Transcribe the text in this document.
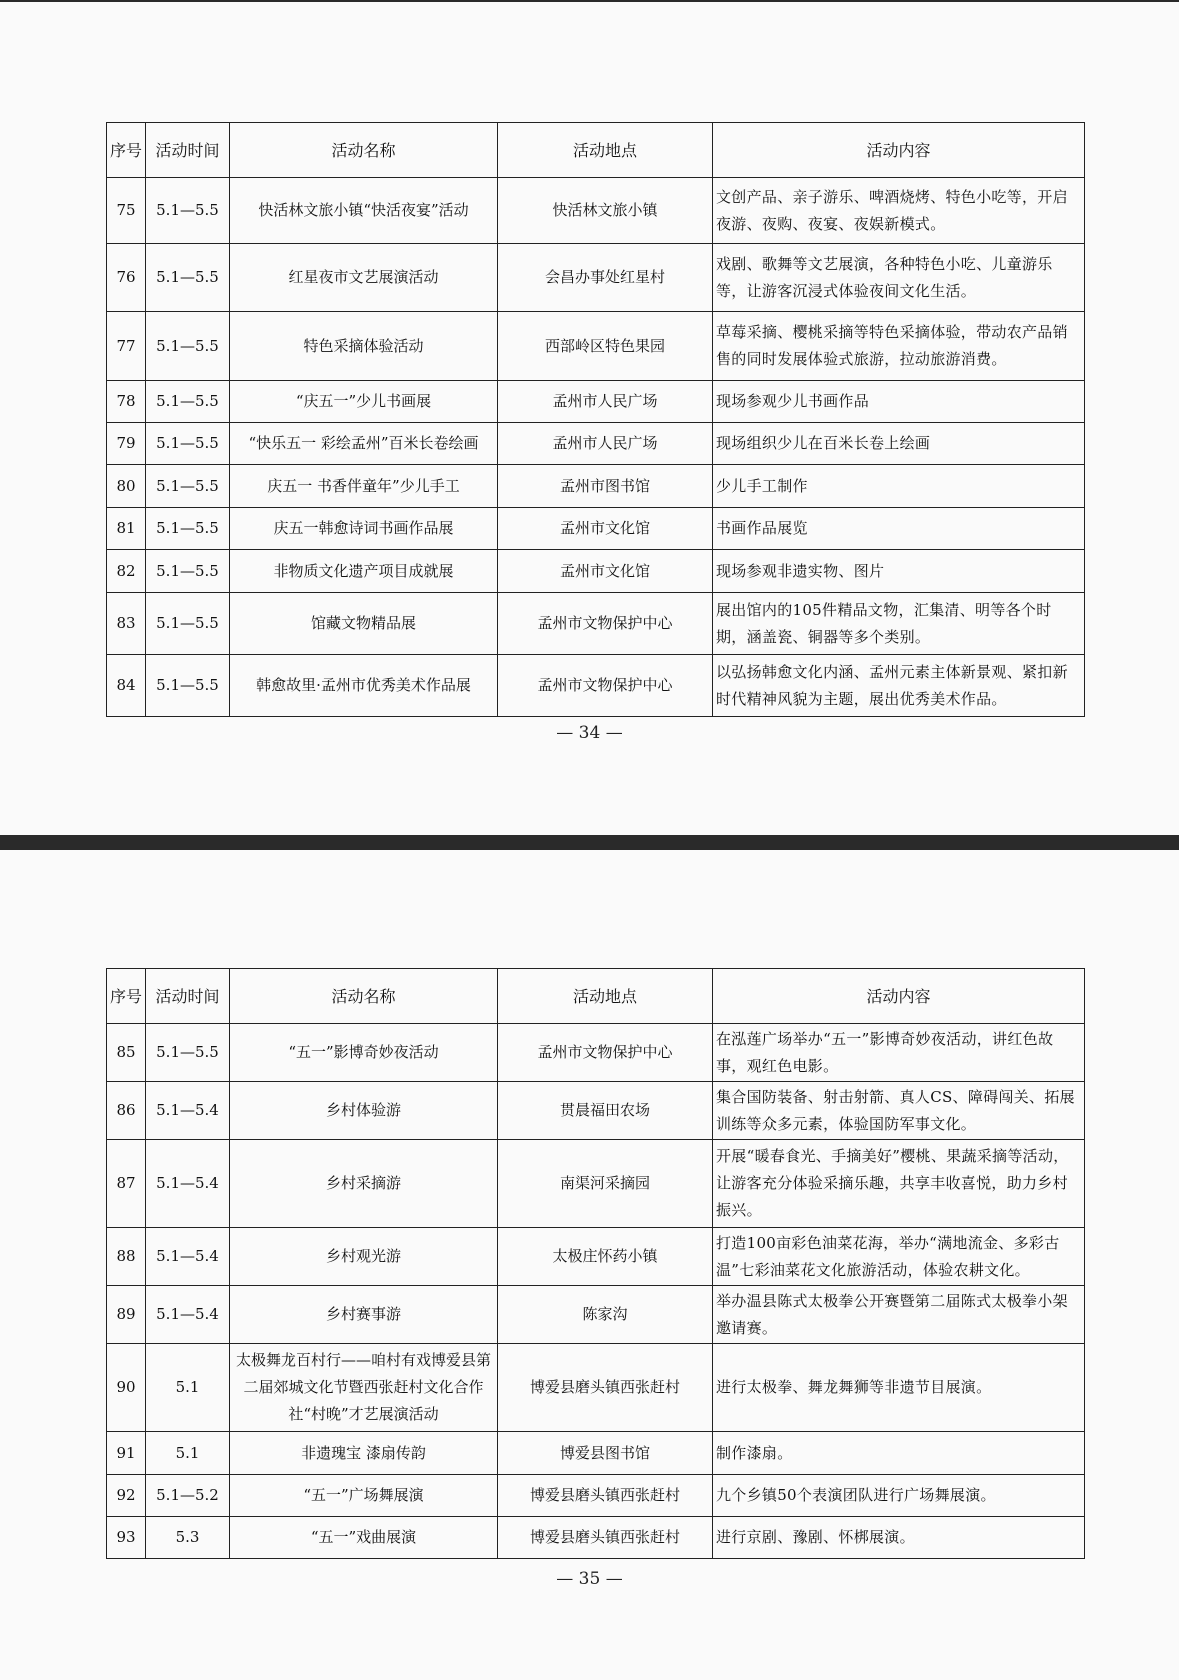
序号	活动时间	活动名称	活动地点	活动内容
75	5.1—5.5	快活林文旅小镇“快活夜宴”活动	快活林文旅小镇	文创产品、亲子游乐、啤酒烧烤、特色小吃等，开启夜游、夜购、夜宴、夜娱新模式。
76	5.1—5.5	红星夜市文艺展演活动	会昌办事处红星村	戏剧、歌舞等文艺展演，各种特色小吃、儿童游乐等，让游客沉浸式体验夜间文化生活。
77	5.1—5.5	特色采摘体验活动	西部岭区特色果园	草莓采摘、樱桃采摘等特色采摘体验，带动农产品销售的同时发展体验式旅游，拉动旅游消费。
78	5.1—5.5	“庆五一”少儿书画展	孟州市人民广场	现场参观少儿书画作品
79	5.1—5.5	“快乐五一 彩绘孟州”百米长卷绘画	孟州市人民广场	现场组织少儿在百米长卷上绘画
80	5.1—5.5	庆五一 书香伴童年”少儿手工	孟州市图书馆	少儿手工制作
81	5.1—5.5	庆五一韩愈诗词书画作品展	孟州市文化馆	书画作品展览
82	5.1—5.5	非物质文化遗产项目成就展	孟州市文化馆	现场参观非遗实物、图片
83	5.1—5.5	馆藏文物精品展	孟州市文物保护中心	展出馆内的105件精品文物，汇集清、明等各个时期，涵盖瓷、铜器等多个类别。
84	5.1—5.5	韩愈故里·孟州市优秀美术作品展	孟州市文物保护中心	以弘扬韩愈文化内涵、孟州元素主体新景观、紧扣新时代精神风貌为主题，展出优秀美术作品。
— 34 —
序号	活动时间	活动名称	活动地点	活动内容
85	5.1—5.5	“五一”影博奇妙夜活动	孟州市文物保护中心	在泓莲广场举办“五一”影博奇妙夜活动，讲红色故事，观红色电影。
86	5.1—5.4	乡村体验游	贯晨福田农场	集合国防装备、射击射箭、真人CS、障碍闯关、拓展训练等众多元素，体验国防军事文化。
87	5.1—5.4	乡村采摘游	南渠河采摘园	开展“暖春食光、手摘美好”樱桃、果蔬采摘等活动，让游客充分体验采摘乐趣，共享丰收喜悦，助力乡村振兴。
88	5.1—5.4	乡村观光游	太极庄怀药小镇	打造100亩彩色油菜花海，举办“满地流金、多彩古温”七彩油菜花文化旅游活动，体验农耕文化。
89	5.1—5.4	乡村赛事游	陈家沟	举办温县陈式太极拳公开赛暨第二届陈式太极拳小架邀请赛。
90	5.1	太极舞龙百村行——咱村有戏博爱县第二届郊城文化节暨西张赶村文化合作社“村晚”才艺展演活动	博爱县磨头镇西张赶村	进行太极拳、舞龙舞狮等非遗节目展演。
91	5.1	非遗瑰宝 漆扇传韵	博爱县图书馆	制作漆扇。
92	5.1—5.2	“五一”广场舞展演	博爱县磨头镇西张赶村	九个乡镇50个表演团队进行广场舞展演。
93	5.3	“五一”戏曲展演	博爱县磨头镇西张赶村	进行京剧、豫剧、怀梆展演。
— 35 —
